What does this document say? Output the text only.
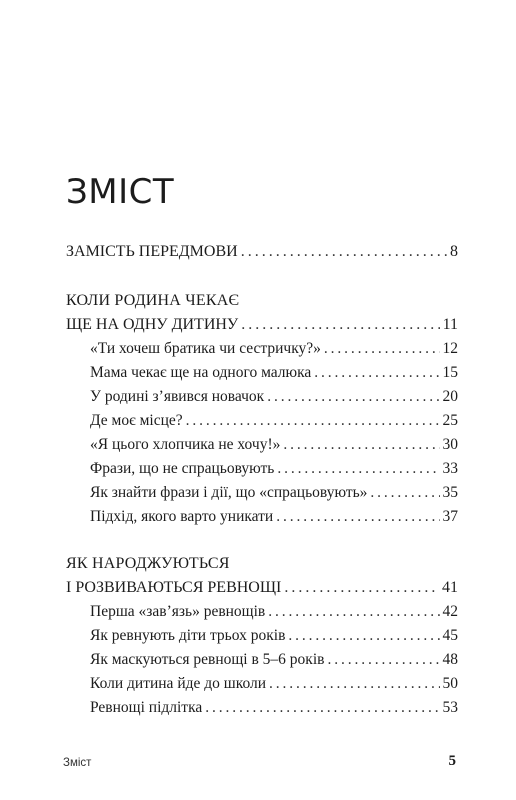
ЗМІСТ
ЗАМІСТЬ ПЕРЕДМОВИ . . .	8
КОЛИ РОДИНА ЧЕКАЄ
ЩЕ НА ОДНУ ДИТИНУ . . .	11
«Ти хочеш братика чи сестричку?» . . .	12
Мама чекає ще на одного малюка . . .	15
У родині з’явився новачок . . .	20
Де моє місце? . . .	25
«Я цього хлопчика не хочу!» . . .	30
Фрази, що не спрацьовують . . .	33
Як знайти фрази і дії, що «спрацьовують» . . .	35
Підхід, якого варто уникати . . .	37
ЯК НАРОДЖУЮТЬСЯ
І РОЗВИВАЮТЬСЯ РЕВНОЩІ . . .	41
Перша «зав’язь» ревнощів . . .	42
Як ревнують діти трьох років . . .	45
Як маскуються ревнощі в 5–6 років . . .	48
Коли дитина йде до школи . . .	50
Ревнощі підлітка . . .	53
Зміст	5
